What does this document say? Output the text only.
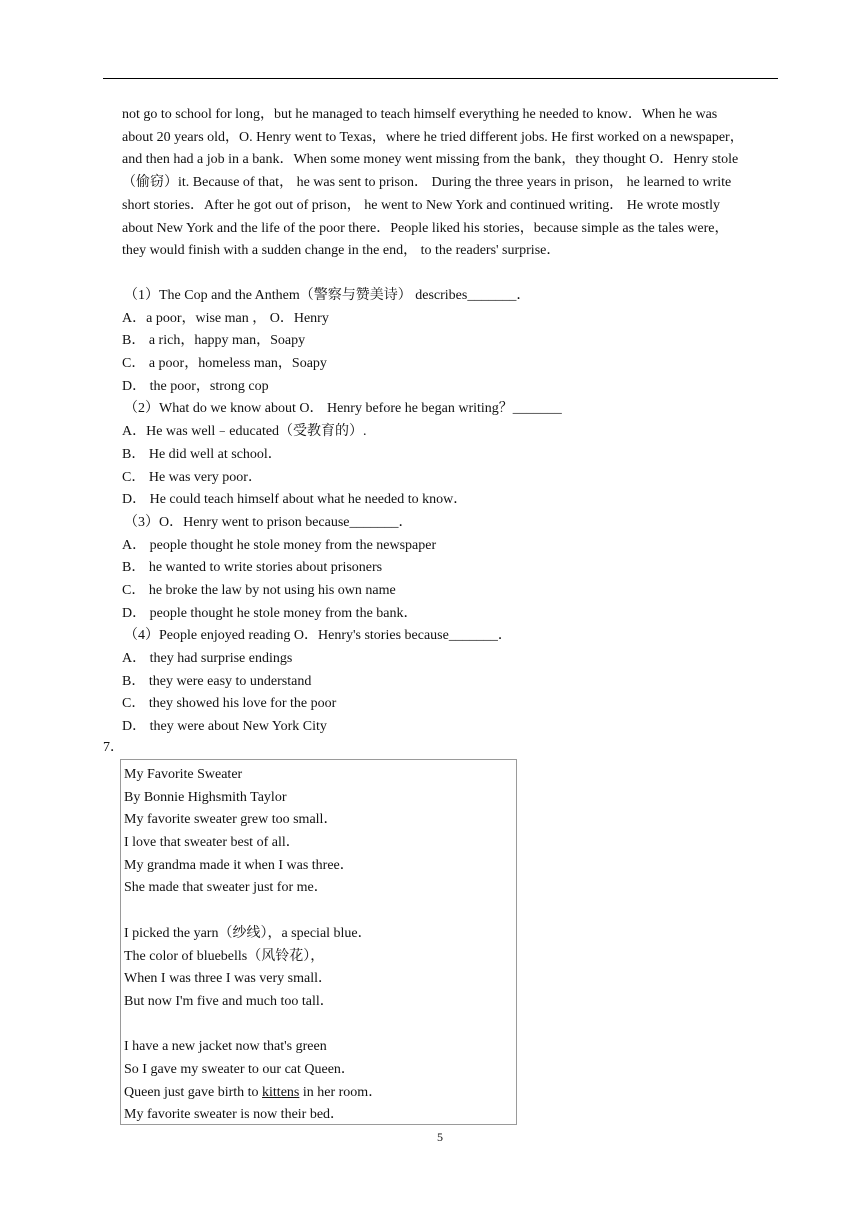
not go to school for long，but he managed to teach himself everything he needed to know．When he was
about 20 years old，O. Henry went to Texas，where he tried different jobs. He first worked on a newspaper，
and then had a job in a bank．When some money went missing from the bank，they thought O．Henry stole
（偷窃）it. Because of that， he was sent to prison． During the three years in prison， he learned to write
short stories．After he got out of prison， he went to New York and continued writing． He wrote mostly
about New York and the life of the poor there．People liked his stories，because simple as the tales were，
they would finish with a sudden change in the end， to the readers' surprise．
（1）The Cop and the Anthem（警察与赞美诗） describes_______．
A．a poor，wise man ， O．Henry
B． a rich，happy man，Soapy
C． a poor，homeless man，Soapy
D． the poor，strong cop
（2）What do we know about O． Henry before he began writing？_______
A．He was well﹣educated（受教育的）.
B． He did well at school．
C． He was very poor．
D． He could teach himself about what he needed to know．
（3）O．Henry went to prison because_______．
A． people thought he stole money from the newspaper
B． he wanted to write stories about prisoners
C． he broke the law by not using his own name
D． people thought he stole money from the bank．
（4）People enjoyed reading O．Henry's stories because_______．
A． they had surprise endings
B． they were easy to understand
C． they showed his love for the poor
D． they were about New York City
7．
My Favorite Sweater
By Bonnie Highsmith Taylor
My favorite sweater grew too small．
I love that sweater best of all．
My grandma made it when I was three．
She made that sweater just for me．
I picked the yarn（纱线），a special blue．
The color of bluebells（风铃花），
When I was three I was very small．
But now I'm five and much too tall．
I have a new jacket now that's green
So I gave my sweater to our cat Queen．
Queen just gave birth to kittens in her room．
My favorite sweater is now their bed．
5
